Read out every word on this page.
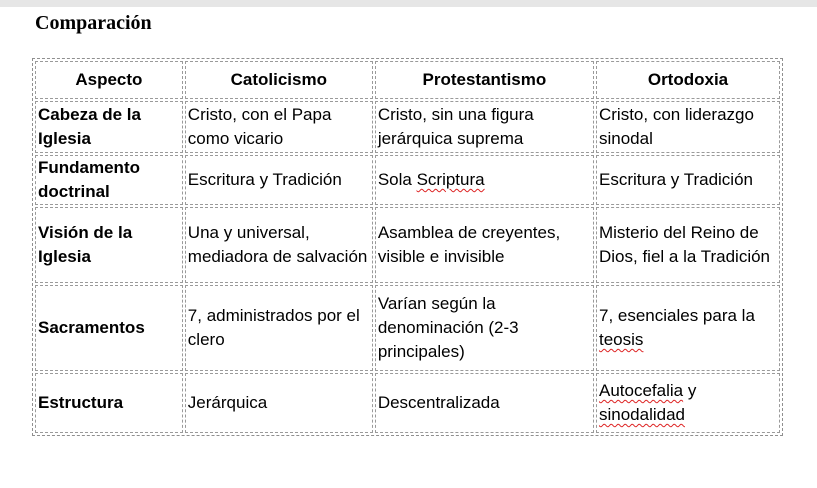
Comparación
Aspecto	Catolicismo	Protestantismo	Ortodoxia
Cabeza de la Iglesia	Cristo, con el Papa como vicario	Cristo, sin una figura jerárquica suprema	Cristo, con liderazgo sinodal
Fundamento doctrinal	Escritura y Tradición	Sola Scriptura	Escritura y Tradición
Visión de la Iglesia	Una y universal, mediadora de salvación	Asamblea de creyentes, visible e invisible	Misterio del Reino de Dios, fiel a la Tradición
Sacramentos	7, administrados por el clero	Varían según la denominación (2-3 principales)	7, esenciales para la teosis
Estructura	Jerárquica	Descentralizada	Autocefalia y sinodalidad
